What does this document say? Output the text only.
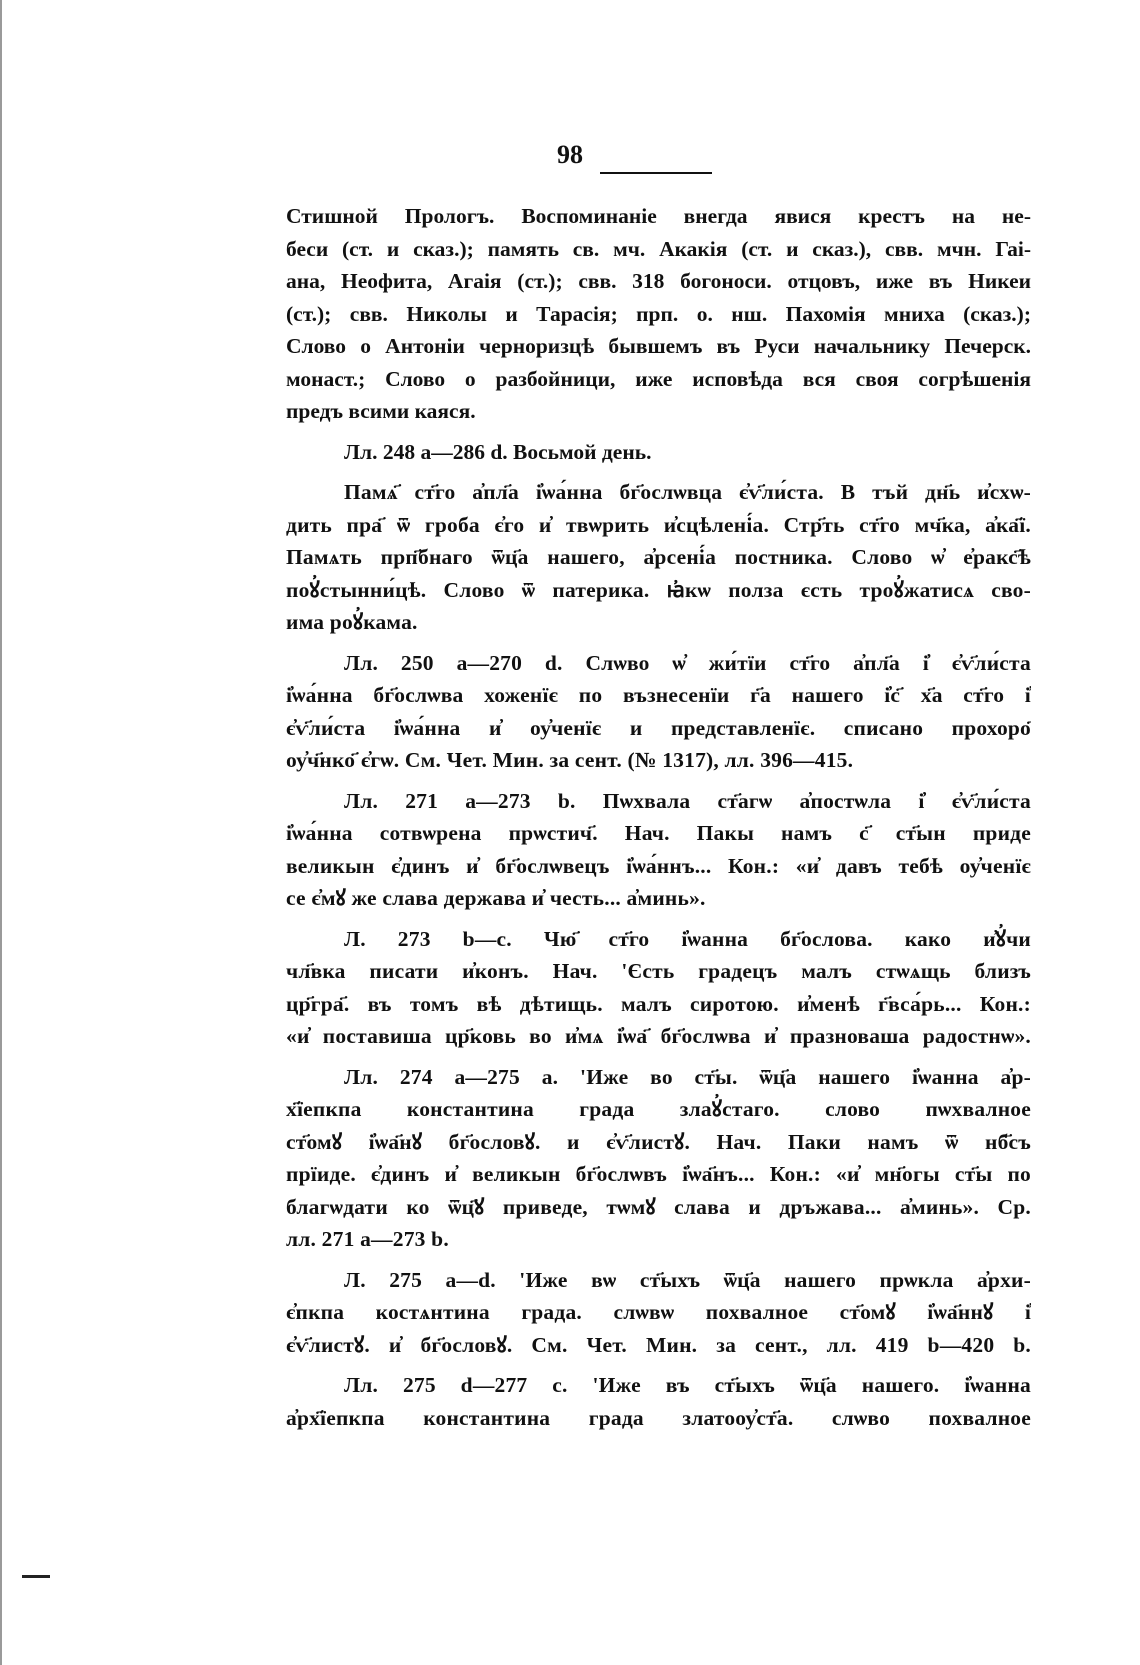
98
Стишной Прологъ. Воспоминаніе внегда явися крестъ на не-
беси (ст. и сказ.); память св. мч. Акакія (ст. и сказ.), свв. мчн. Гаі-
ана, Неофита, Агаія (ст.); свв. 318 богоноси. отцовъ, иже въ Никеи
(ст.); свв. Николы и Тарасія; прп. о. нш. Пахомія мниха (сказ.);
Слово о Антоніи черноризцѣ бывшемъ въ Руси начальнику Печерск.
монаст.; Слово о разбойници, иже исповѣда вся своя согрѣшенія
предъ всими каяся.
Лл. 248 a—286 d. Восьмой день.
Памѧ҃ ст҃го а҆пл҃а і҆ѡа́нна бг҃ослѡвца є҆ѵ҃ли́ста. В тъй дн҃ь и҆схѡ-
дить пра҃ ѿ гроба є҆го и҆ твѡрить и҆сцѣлені́а. Стр҃ть ст҃го мч҃ка, а҆ка҃ї.
Памѧть прп҃бнаго ѿц҃а нашего, а҆рсені́а постника. Слово ѡ҆ е҆ракс҃ѣ
поꙋ҆стынни́цѣ. Слово ѿ патерика. ꙗ҆кѡ полза єсть троꙋ҆жатисѧ сво-
има роꙋ҆кама.
Лл. 250 a—270 d. Слѡво ѡ҆ жи́тїи ст҃го а҆пл҃а і҆ є҆ѵ҃ли́ста
і҆ѡа́нна бг҃ослѡва хоженїє по възнесенїи г҃а нашего і҆с҃ х҃а ст҃го і҆
є҆ѵ҃ли́ста і҆ѡа́нна и҆ оу҆ченїє и представленїє. списано прохоро҃
оу҆ч҃нко҃ є҆гѡ. См. Чет. Мин. за сент. (№ 1317), лл. 396—415.
Лл. 271 a—273 b. Пѡхвала ст҃агѡ а҆постѡла і҆ є҆ѵ҃ли́ста
і҆ѡа́нна сотвѡрена прѡстич҃. Нач. Пакы намъ с҃ ст҃ын приде
великын є҆динъ и҆ бг҃ослѡвецъ і҆ѡа́ннъ... Кон.: «и҆ давъ тебѣ оу҆ченїє
се є҆мꙋ же слава держава и҆ честь... а҆минь».
Л. 273 b—c. Чю҃ ст҃го і҆ѡанна бг҃ослова. како и҆ꙋ҆чи
чл҃вка писати и҆конъ. Нач. 'Єсть градецъ малъ стѡѧщь близъ
цр҃гра҃. въ томъ вѣ дѣтищь. малъ сиротою. и҆менѣ г҃вса́рь... Кон.:
«и҆ поставиша цр҃ковь во и҆мѧ і҆ѡа҃ бг҃ослѡва и҆ празноваша радостнѡ».
Лл. 274 a—275 a. 'Иже во ст҃ы. ѿц҃а нашего і҆ѡанна а҆р-
х҃їепкпа константина града злаꙋ҆стаго. слово пѡхвалное
ст҃омꙋ і҆ѡа҃нꙋ бг҃ословꙋ. и є҆ѵ҃листꙋ. Нач. Паки намъ ѿ нб҃съ
прїиде. є҆динъ и҆ великын бг҃ослѡвъ і҆ѡа҃нъ... Кон.: «и҆ мн҃огы ст҃ы по
благѡдати ко ѿц҃ꙋ приведе, тѡмꙋ слава и дръжава... а҆минь». Ср.
лл. 271 a—273 b.
Л. 275 a—d. 'Иже вѡ ст҃ыхъ ѿц҃а нашего прѡкла а҆рхи-
є҆пкпа костѧнтина града. слѡвѡ похвалное ст҃омꙋ і҆ѡа҃ннꙋ і҆
є҆ѵ҃листꙋ. и҆ бг҃ословꙋ. См. Чет. Мин. за сент., лл. 419 b—420 b.
Лл. 275 d—277 c. 'Иже въ ст҃ыхъ ѿц҃а нашего. і҆ѡанна
а҆рх҃їепкпа константина града златооу҆ст҃а. слѡво похвалное
